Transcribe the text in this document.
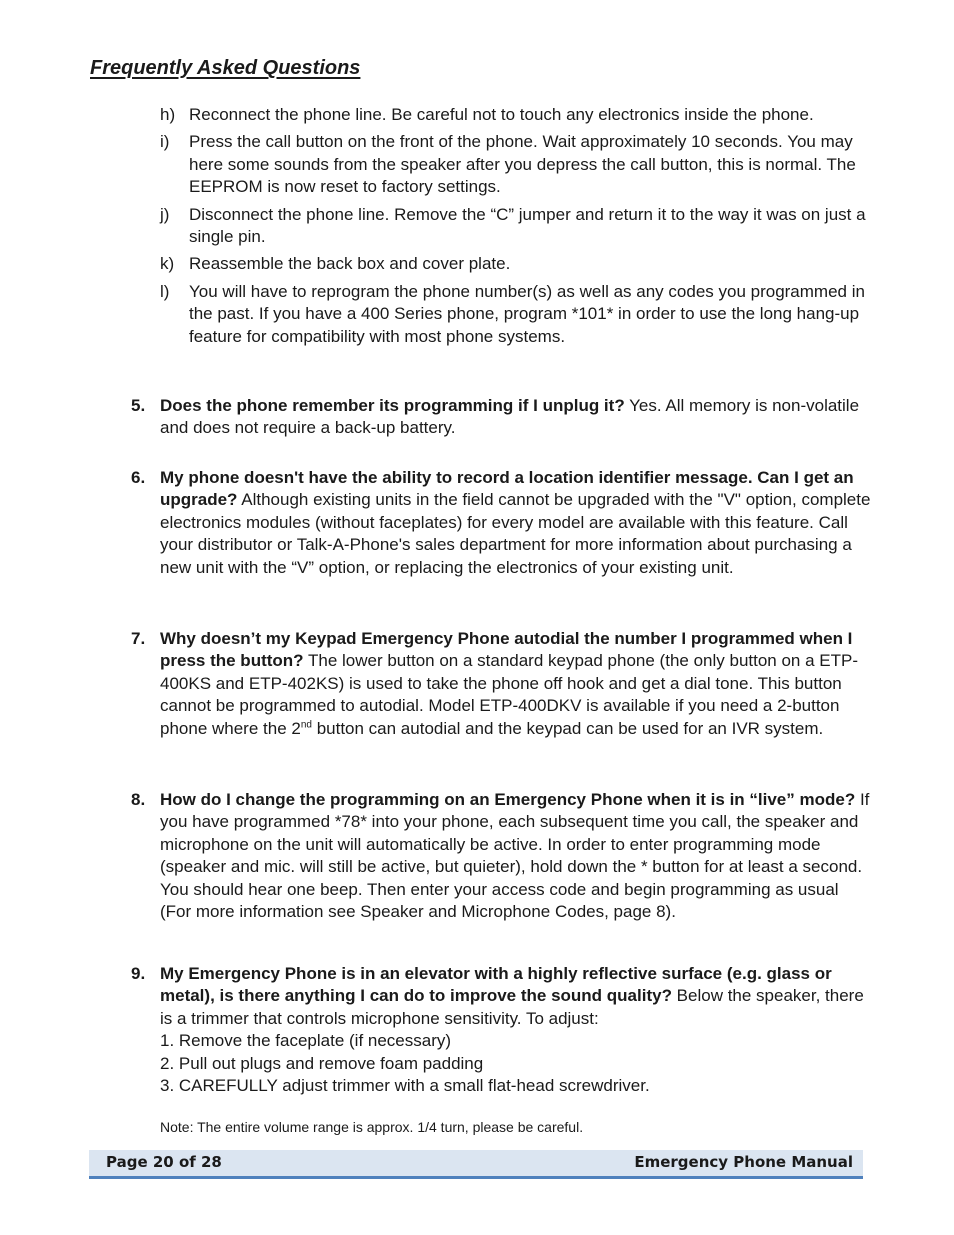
Frequently Asked Questions
h) Reconnect the phone line. Be careful not to touch any electronics inside the phone.
i) Press the call button on the front of the phone. Wait approximately 10 seconds. You may here some sounds from the speaker after you depress the call button, this is normal. The EEPROM is now reset to factory settings.
j) Disconnect the phone line. Remove the “C” jumper and return it to the way it was on just a single pin.
k) Reassemble the back box and cover plate.
l) You will have to reprogram the phone number(s) as well as any codes you programmed in the past. If you have a 400 Series phone, program *101* in order to use the long hang-up feature for compatibility with most phone systems.
5. Does the phone remember its programming if I unplug it? Yes. All memory is non-volatile and does not require a back-up battery.
6. My phone doesn't have the ability to record a location identifier message. Can I get an upgrade? Although existing units in the field cannot be upgraded with the "V" option, complete electronics modules (without faceplates) for every model are available with this feature. Call your distributor or Talk-A-Phone's sales department for more information about purchasing a new unit with the “V” option, or replacing the electronics of your existing unit.
7. Why doesn’t my Keypad Emergency Phone autodial the number I programmed when I press the button? The lower button on a standard keypad phone (the only button on a ETP-400KS and ETP-402KS) is used to take the phone off hook and get a dial tone. This button cannot be programmed to autodial. Model ETP-400DKV is available if you need a 2-button phone where the 2nd button can autodial and the keypad can be used for an IVR system.
8. How do I change the programming on an Emergency Phone when it is in “live” mode? If you have programmed *78* into your phone, each subsequent time you call, the speaker and microphone on the unit will automatically be active. In order to enter programming mode (speaker and mic. will still be active, but quieter), hold down the * button for at least a second. You should hear one beep. Then enter your access code and begin programming as usual (For more information see Speaker and Microphone Codes, page 8).
9. My Emergency Phone is in an elevator with a highly reflective surface (e.g. glass or metal), is there anything I can do to improve the sound quality? Below the speaker, there is a trimmer that controls microphone sensitivity. To adjust:
1. Remove the faceplate (if necessary)
2. Pull out plugs and remove foam padding
3. CAREFULLY adjust trimmer with a small flat-head screwdriver.
Note: The entire volume range is approx. 1/4 turn, please be careful.
Page 20 of 28	Emergency Phone Manual
